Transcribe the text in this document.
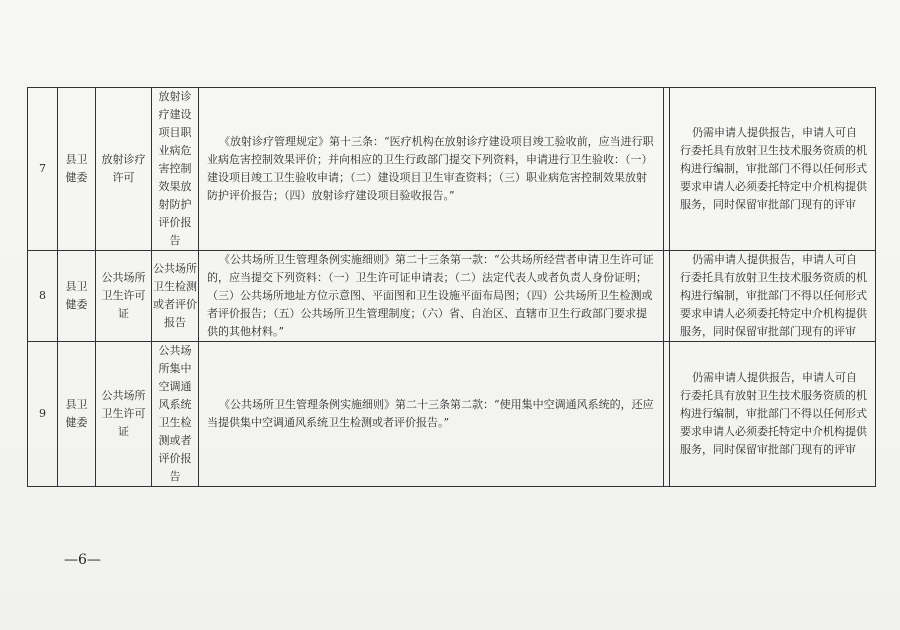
7	县卫健委	放射诊疗许可	放射诊疗建设项目职业病危害控制效果放射防护评价报告	《放射诊疗管理规定》第十三条：“医疗机构在放射诊疗建设项目竣工验收前，应当进行职业病危害控制效果评价；并向相应的卫生行政部门提交下列资料，申请进行卫生验收：（一）建设项目竣工卫生验收申请；（二）建设项目卫生审查资料；（三）职业病危害控制效果放射防护评价报告；（四）放射诊疗建设项目验收报告。”		仍需申请人提供报告，申请人可自行委托具有放射卫生技术服务资质的机构进行编制，审批部门不得以任何形式要求申请人必须委托特定中介机构提供服务，同时保留审批部门现有的评审
8	县卫健委	公共场所卫生许可证	公共场所卫生检测或者评价报告	《公共场所卫生管理条例实施细则》第二十三条第一款：“公共场所经营者申请卫生许可证的，应当提交下列资料：（一）卫生许可证申请表；（二）法定代表人或者负责人身份证明；（三）公共场所地址方位示意图、平面图和卫生设施平面布局图；（四）公共场所卫生检测或者评价报告；（五）公共场所卫生管理制度；（六）省、自治区、直辖市卫生行政部门要求提供的其他材料。”		仍需申请人提供报告，申请人可自行委托具有放射卫生技术服务资质的机构进行编制，审批部门不得以任何形式要求申请人必须委托特定中介机构提供服务，同时保留审批部门现有的评审
9	县卫健委	公共场所卫生许可证	公共场所集中空调通风系统卫生检测或者评价报告	《公共场所卫生管理条例实施细则》第二十三条第二款：“使用集中空调通风系统的，还应当提供集中空调通风系统卫生检测或者评价报告。”		仍需申请人提供报告，申请人可自行委托具有放射卫生技术服务资质的机构进行编制，审批部门不得以任何形式要求申请人必须委托特定中介机构提供服务，同时保留审批部门现有的评审
—6—
